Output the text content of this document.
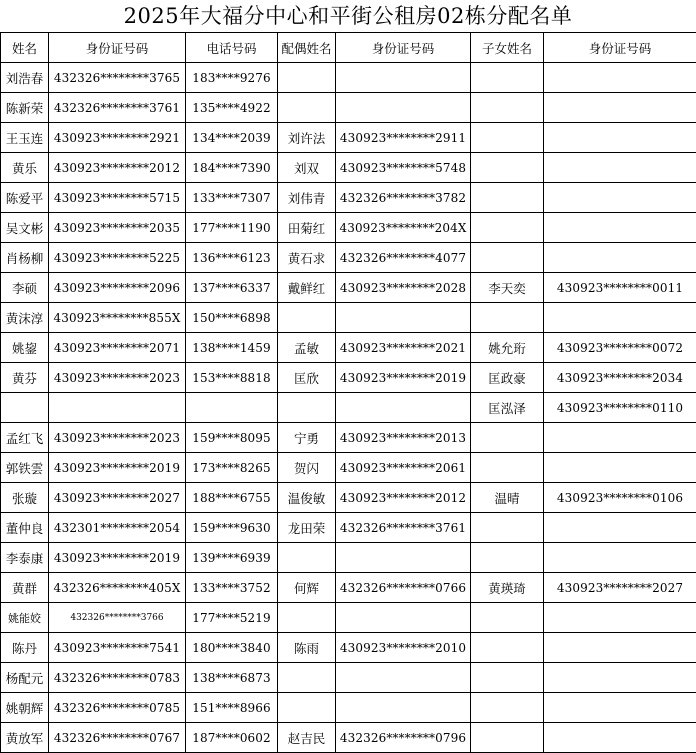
2025年大福分中心和平街公租房02栋分配名单
姓名	身份证号码	电话号码	配偶姓名	身份证号码	子女姓名	身份证号码
刘浩春	432326********3765	183****9276				
陈新荣	432326********3761	135****4922				
王玉连	430923********2921	134****2039	刘许法	430923********2911		
黄乐	430923********2012	184****7390	刘双	430923********5748		
陈爱平	430923********5715	133****7307	刘伟青	432326********3782		
吴文彬	430923********2035	177****1190	田菊红	430923********204X		
肖杨柳	430923********5225	136****6123	黄石求	432326********4077		
李硕	430923********2096	137****6337	戴鲜红	430923********2028	李天奕	430923********0011
黄沫淳	430923********855X	150****6898				
姚鋆	430923********2071	138****1459	孟敏	430923********2021	姚允珩	430923********0072
黄芬	430923********2023	153****8818	匡欣	430923********2019	匡政豪	430923********2034
					匡泓泽	430923********0110
孟红飞	430923********2023	159****8095	宁勇	430923********2013		
郭铁雲	430923********2019	173****8265	贺闪	430923********2061		
张璇	430923********2027	188****6755	温俊敏	430923********2012	温晴	430923********0106
董仲良	432301********2054	159****9630	龙田荣	432326********3761		
李泰康	430923********2019	139****6939				
黄群	432326********405X	133****3752	何辉	432326********0766	黄瑛琦	430923********2027
姚能姣	432326********3766	177****5219				
陈丹	430923********7541	180****3840	陈雨	430923********2010		
杨配元	432326********0783	138****6873				
姚朝辉	432326********0785	151****8966				
黄放军	432326********0767	187****0602	赵吉民	432326********0796		
